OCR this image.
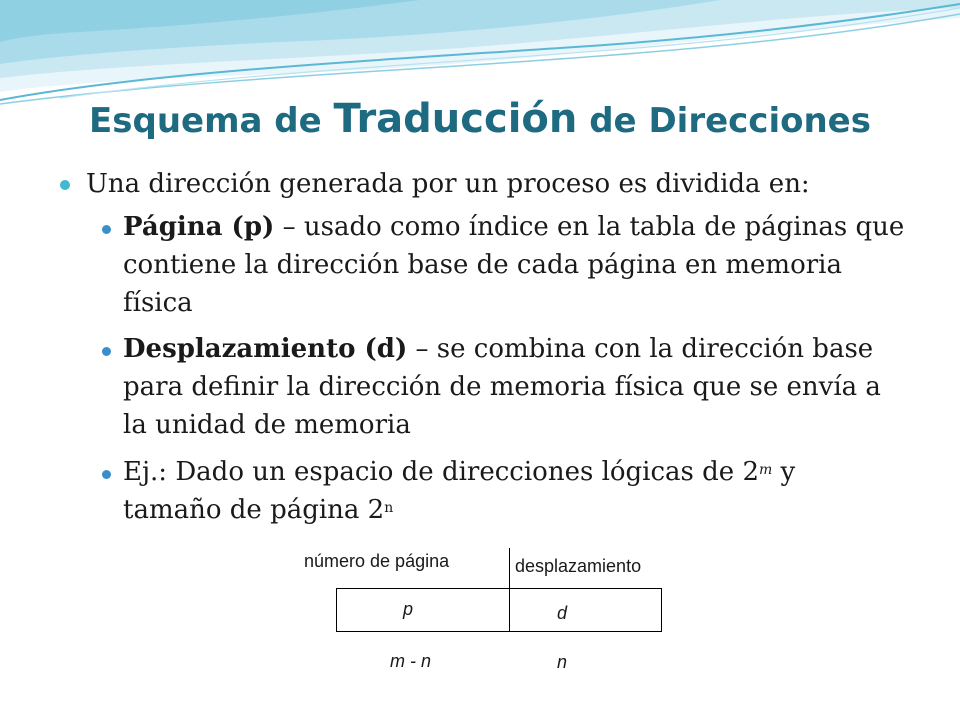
Esquema de Traducción de Direcciones
Una dirección generada por un proceso es dividida en:
Página (p) – usado como índice en la tabla de páginas que contiene la dirección base de cada página en memoria física
Desplazamiento (d) – se combina con la dirección base para definir la dirección de memoria física que se envía a la unidad de memoria
Ej.: Dado un espacio de direcciones lógicas de 2$^m$ y tamaño de página 2$^n$
número de página	desplazamiento
p	d
m - n	n
